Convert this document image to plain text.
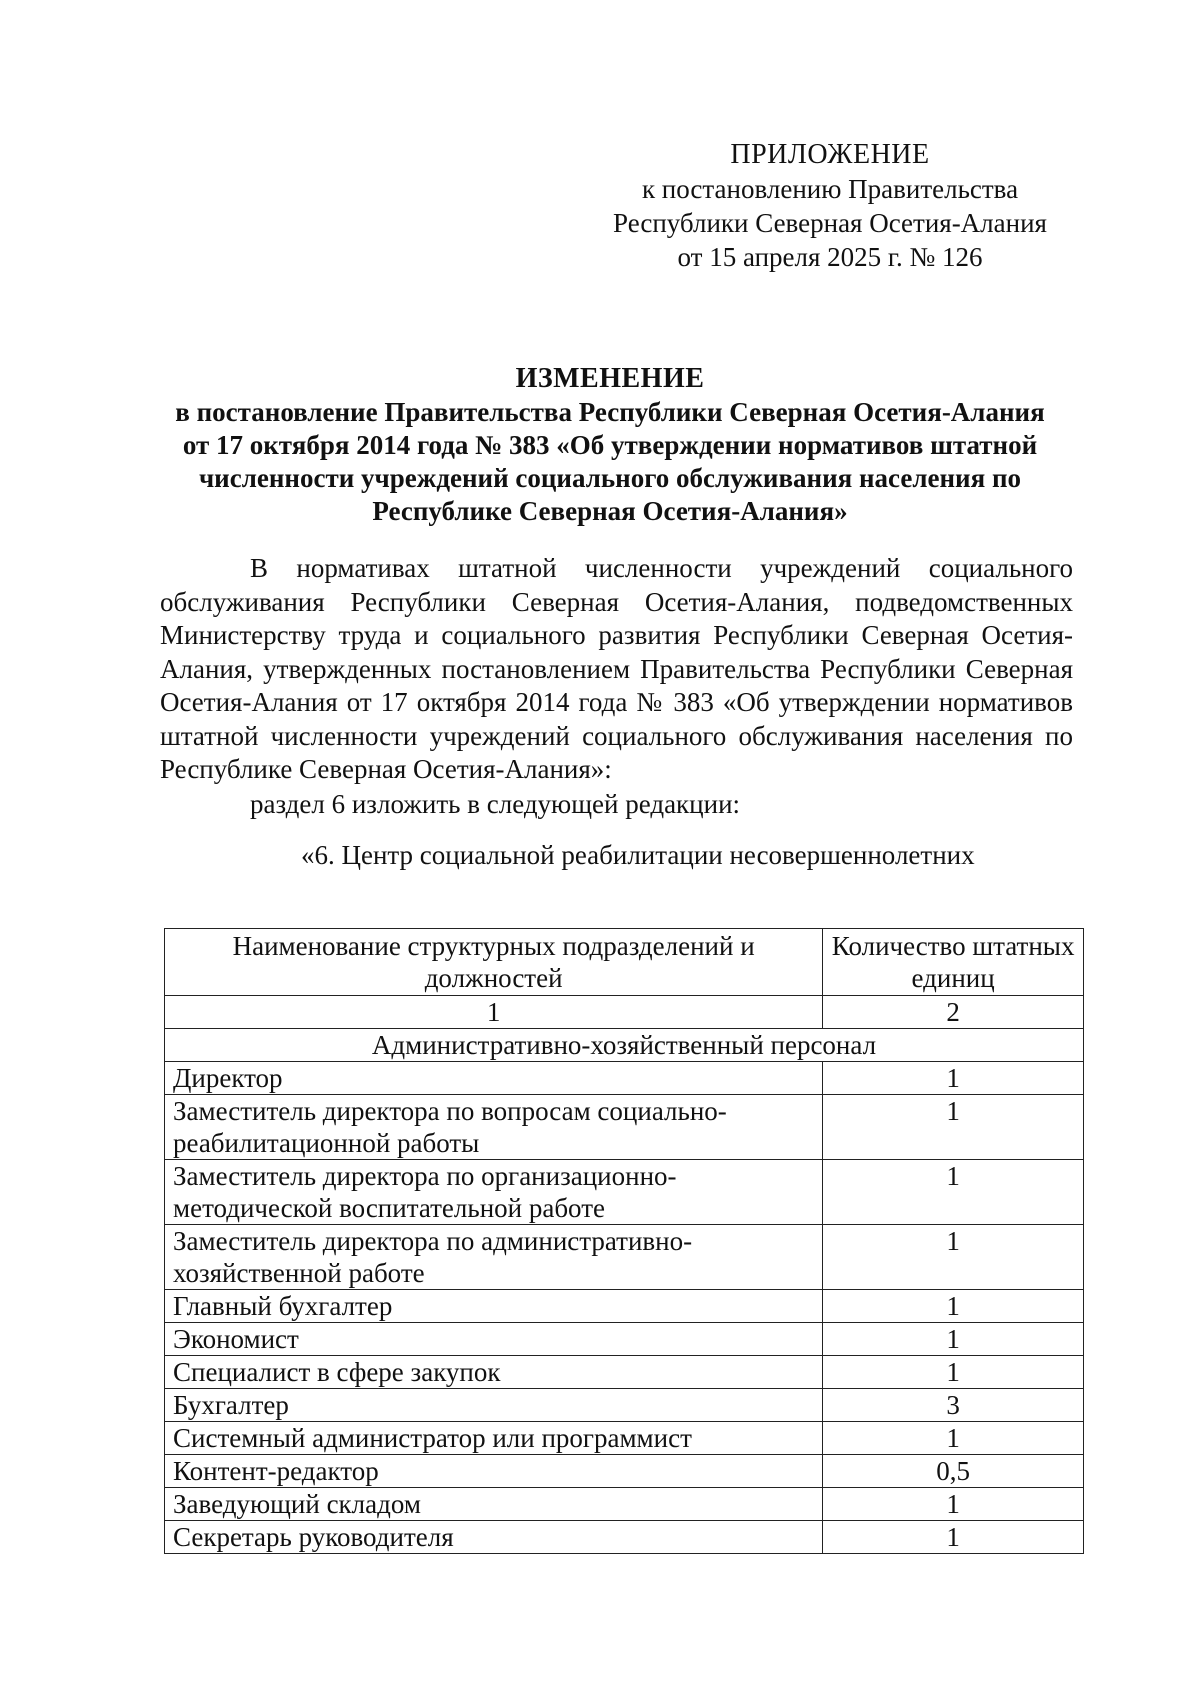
ПРИЛОЖЕНИЕ
к постановлению Правительства
Республики Северная Осетия-Алания
от 15 апреля 2025 г. № 126
ИЗМЕНЕНИЕ
в постановление Правительства Республики Северная Осетия-Алания
от 17 октября 2014 года № 383 «Об утверждении нормативов штатной
численности учреждений социального обслуживания населения по
Республике Северная Осетия-Алания»

В нормативах штатной численности учреждений социального обслуживания Республики Северная Осетия-Алания, подведомственных Министерству труда и социального развития Республики Северная Осетия-Алания, утвержденных постановлением Правительства Республики Северная Осетия-Алания от 17 октября 2014 года № 383 «Об утверждении нормативов штатной численности учреждений социального обслуживания населения по Республике Северная Осетия-Алания»:

раздел 6 изложить в следующей редакции:
«6. Центр социальной реабилитации несовершеннолетних
Наименование структурных подразделений и должностей	Количество штатных единиц
1	2
Административно-хозяйственный персонал	
Директор	1
Заместитель директора по вопросам социально-реабилитационной работы	1
Заместитель директора по организационно-методической воспитательной работе	1
Заместитель директора по административно-хозяйственной работе	1
Главный бухгалтер	1
Экономист	1
Специалист в сфере закупок	1
Бухгалтер	3
Системный администратор или программист	1
Контент-редактор	0,5
Заведующий складом	1
Секретарь руководителя	1
